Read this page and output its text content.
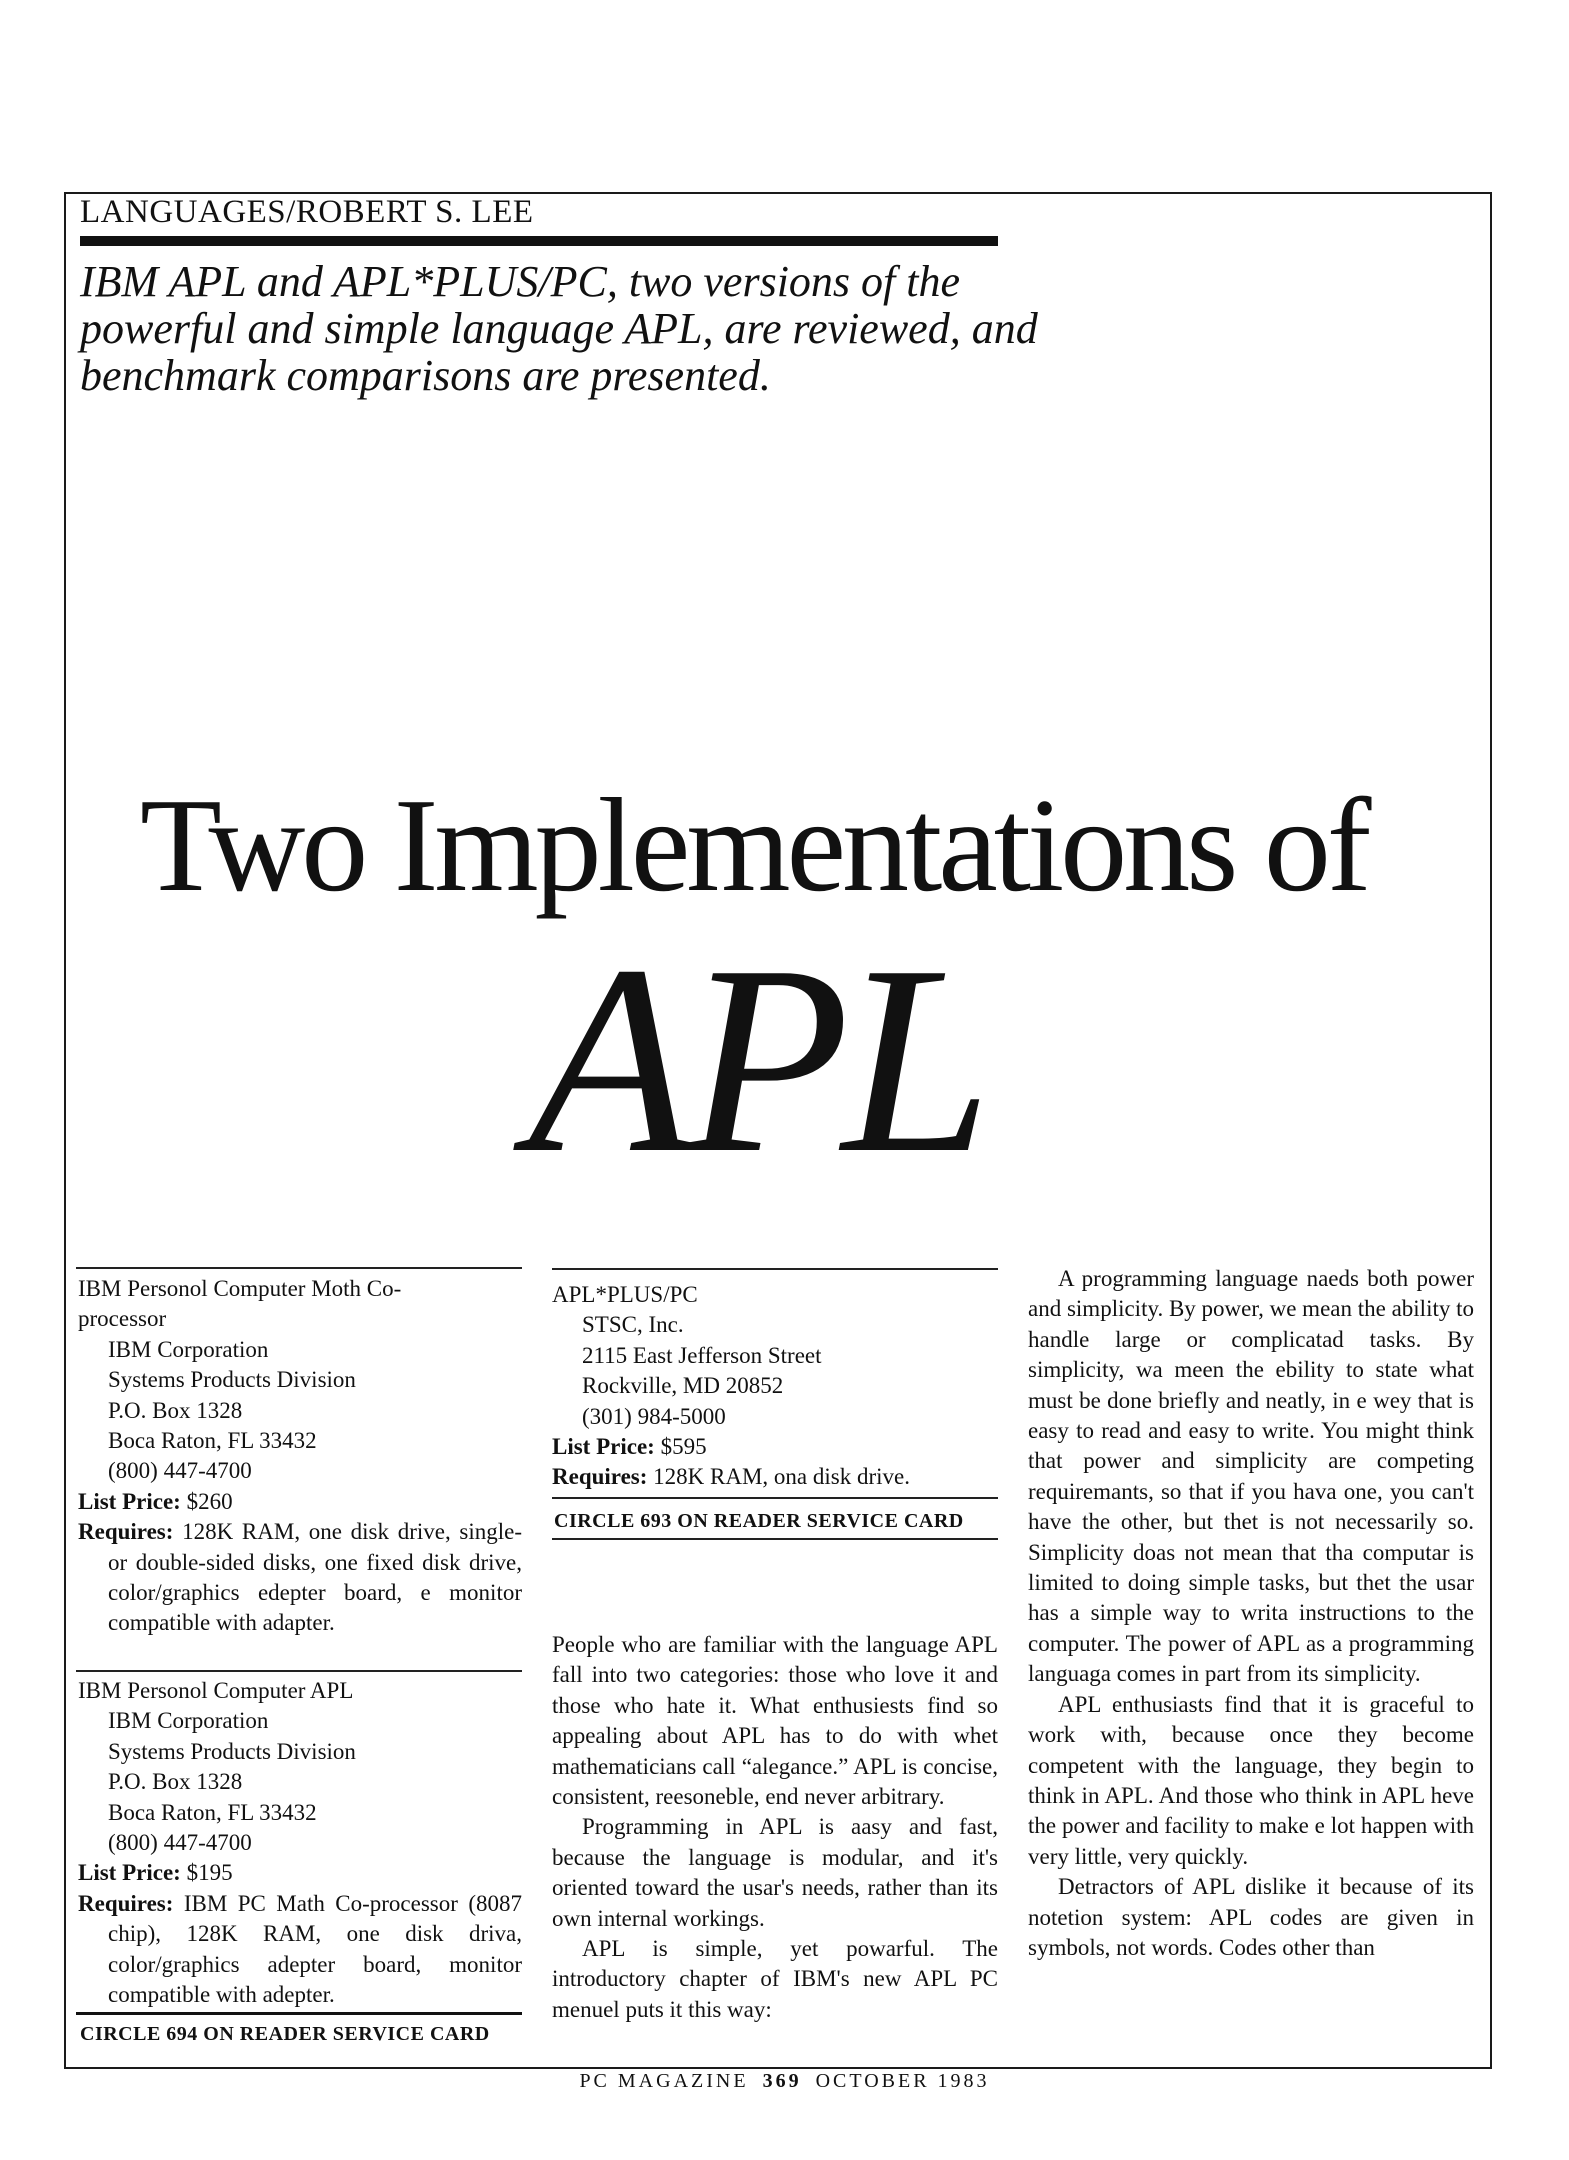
LANGUAGES/ROBERT S. LEE
IBM APL and APL*PLUS/PC, two versions of the powerful and simple language APL, are reviewed, and benchmark comparisons are presented.
Two Implementations of
APL
IBM Personol Computer Moth Co-processor
IBM Corporation
Systems Products Division
P.O. Box 1328
Boca Raton, FL 33432
(800) 447-4700
List Price: $260
Requires: 128K RAM, one disk drive, single- or double-sided disks, one fixed disk drive, color/graphics edepter board, e monitor compatible with adapter.
IBM Personol Computer APL
IBM Corporation
Systems Products Division
P.O. Box 1328
Boca Raton, FL 33432
(800) 447-4700
List Price: $195
Requires: IBM PC Math Co-processor (8087 chip), 128K RAM, one disk driva, color/graphics adepter board, monitor compatible with adepter.
CIRCLE 694 ON READER SERVICE CARD
APL*PLUS/PC
STSC, Inc.
2115 East Jefferson Street
Rockville, MD 20852
(301) 984-5000
List Price: $595
Requires: 128K RAM, ona disk drive.
CIRCLE 693 ON READER SERVICE CARD

People who are familiar with the language APL fall into two categories: those who love it and those who hate it. What enthusiests find so appealing about APL has to do with whet mathematicians call “alegance.” APL is concise, consistent, reesoneble, end never arbitrary.

Programming in APL is aasy and fast, because the language is modular, and it's oriented toward the usar's needs, rather than its own internal workings.

APL is simple, yet powarful. The introductory chapter of IBM's new APL PC menuel puts it this way:

A programming language naeds both power and simplicity. By power, we mean the ability to handle large or complicatad tasks. By simplicity, wa meen the ebility to state what must be done briefly and neatly, in e wey that is easy to read and easy to write. You might think that power and simplicity are competing requiremants, so that if you hava one, you can't have the other, but thet is not necessarily so. Simplicity doas not mean that tha computar is limited to doing simple tasks, but thet the usar has a simple way to writa instructions to the computer. The power of APL as a programming languaga comes in part from its simplicity.

APL enthusiasts find that it is graceful to work with, because once they become competent with the language, they begin to think in APL. And those who think in APL heve the power and facility to make e lot happen with very little, very quickly.

Detractors of APL dislike it because of its notetion system: APL codes are given in symbols, not words. Codes other than

PC MAGAZINE 369 OCTOBER 1983
